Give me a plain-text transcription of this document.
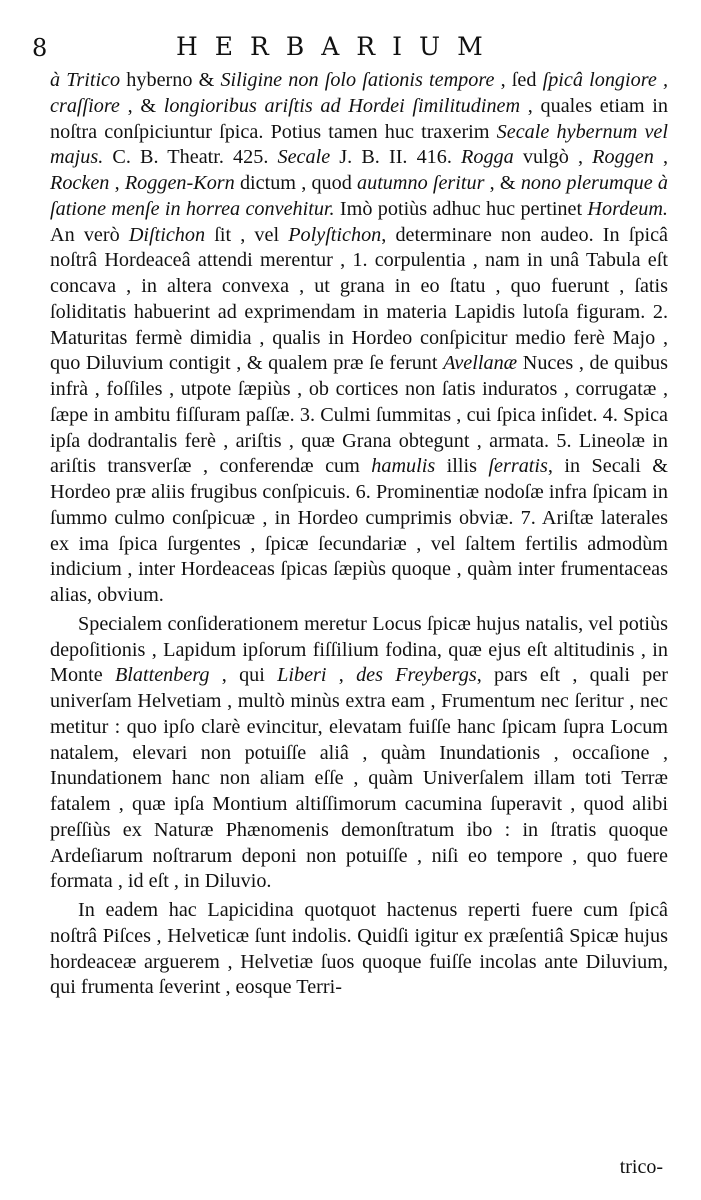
8	HERBARIUM

à Tritico hyberno & Siligine non ſolo ſationis tempore , ſed ſpicâ longiore , craſſiore , & longioribus ariſtis ad Hordei ſimilitudinem , quales etiam in noſtra conſpiciuntur ſpica. Potius tamen huc traxerim Secale hybernum vel majus. C. B. Theatr. 425. Secale J. B. II. 416. Rogga vulgò , Roggen , Rocken , Roggen-Korn dictum , quod autumno ſeritur , & nono plerumque à ſatione menſe in horrea convehitur. Imò potiùs adhuc huc pertinet Hordeum. An verò Diſtichon ſit , vel Polyſtichon, determinare non audeo. In ſpicâ noſtrâ Hordeaceâ attendi merentur , 1. corpulentia , nam in unâ Tabula eſt concava , in altera convexa , ut grana in eo ſtatu , quo fuerunt , ſatis ſoliditatis habuerint ad exprimendam in materia Lapidis lutoſa figuram. 2. Maturitas fermè dimidia , qualis in Hordeo conſpicitur medio ferè Majo , quo Diluvium contigit , & qualem præ ſe ferunt Avellanæ Nuces , de quibus infrà , foſſiles , utpote ſæpiùs , ob cortices non ſatis induratos , corrugatæ , ſæpe in ambitu fiſſuram paſſæ. 3. Culmi ſummitas , cui ſpica inſidet. 4. Spica ipſa dodrantalis ferè , ariſtis , quæ Grana obtegunt , armata. 5. Lineolæ in ariſtis transverſæ , conferendæ cum hamulis illis ſerratis, in Secali & Hordeo præ aliis frugibus conſpicuis. 6. Prominentiæ nodoſæ infra ſpicam in ſummo culmo conſpicuæ , in Hordeo cumprimis obviæ. 7. Ariſtæ laterales ex ima ſpica ſurgentes , ſpicæ ſecundariæ , vel ſaltem fertilis admodùm indicium , inter Hordeaceas ſpicas ſæpiùs quoque , quàm inter frumentaceas alias, obvium.

Specialem conſiderationem meretur Locus ſpicæ hujus natalis, vel potiùs depoſitionis , Lapidum ipſorum fiſſilium fodina, quæ ejus eſt altitudinis , in Monte Blattenberg , qui Liberi , des Freybergs, pars eſt , quali per univerſam Helvetiam , multò minùs extra eam , Frumentum nec ſeritur , nec metitur : quo ipſo clarè evincitur, elevatam fuiſſe hanc ſpicam ſupra Locum natalem, elevari non potuiſſe aliâ , quàm Inundationis , occaſione , Inundationem hanc non aliam eſſe , quàm Univerſalem illam toti Terræ fatalem , quæ ipſa Montium altiſſimorum cacumina ſuperavit , quod alibi preſſiùs ex Naturæ Phænomenis demonſtratum ibo : in ſtratis quoque Ardeſiarum noſtrarum deponi non potuiſſe , niſi eo tempore , quo fuere formata , id eſt , in Diluvio.

In eadem hac Lapicidina quotquot hactenus reperti fuere cum ſpicâ noſtrâ Piſces , Helveticæ ſunt indolis. Quidſi igitur ex præſentiâ Spicæ hujus hordeaceæ arguerem , Helvetiæ ſuos quoque fuiſſe incolas ante Diluvium, qui frumenta ſeverint , eosque Terri-

trico-
